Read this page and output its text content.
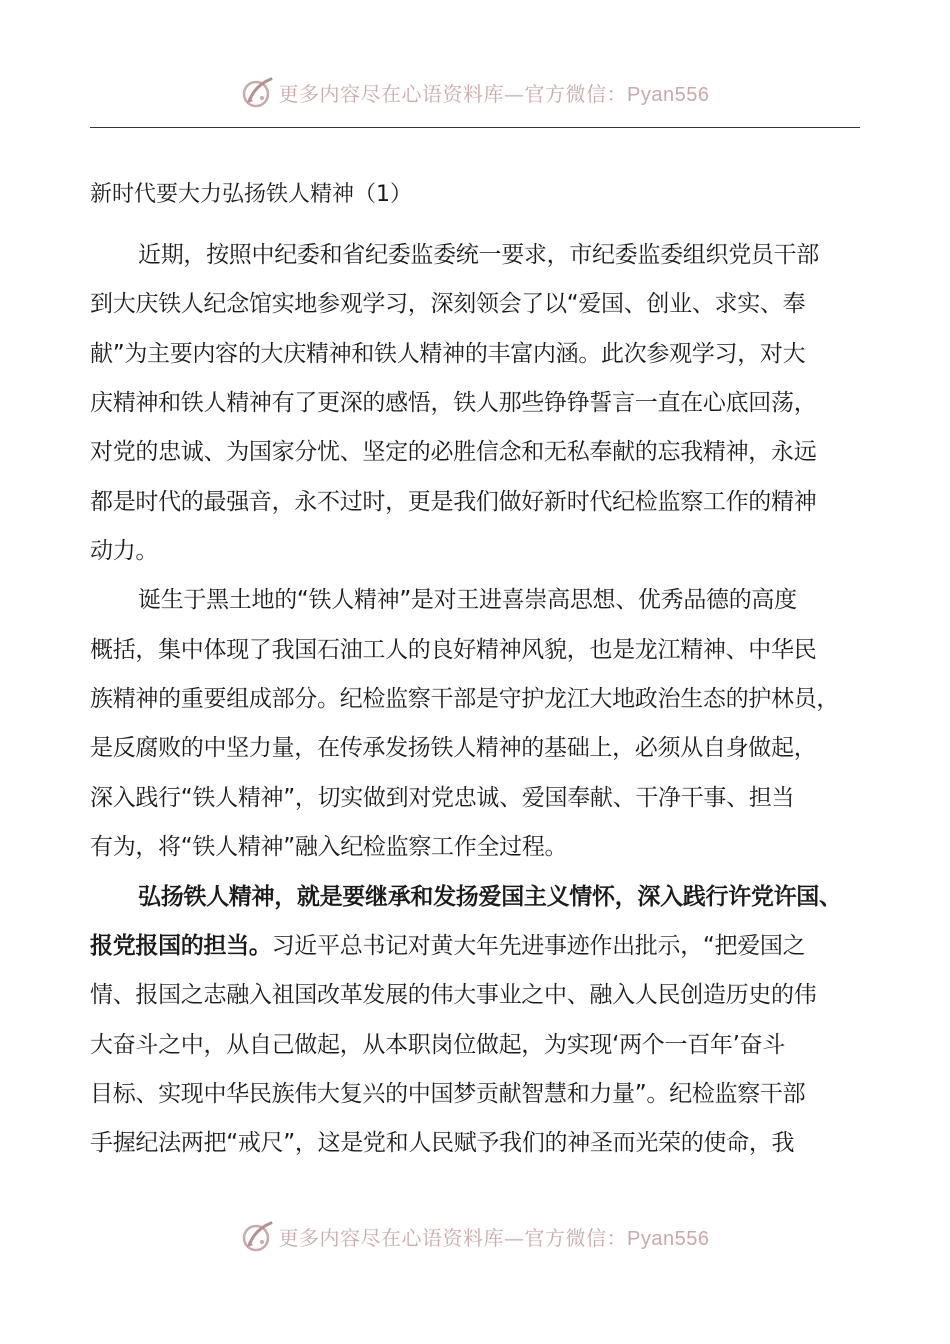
更多内容尽在心语资料库—官方微信：Pyan556
新时代要大力弘扬铁人精神（1）
近期，按照中纪委和省纪委监委统一要求，市纪委监委组织党员干部
到大庆铁人纪念馆实地参观学习，深刻领会了以“爱国、创业、求实、奉
献”为主要内容的大庆精神和铁人精神的丰富内涵。此次参观学习，对大
庆精神和铁人精神有了更深的感悟，铁人那些铮铮誓言一直在心底回荡，
对党的忠诚、为国家分忧、坚定的必胜信念和无私奉献的忘我精神，永远
都是时代的最强音，永不过时，更是我们做好新时代纪检监察工作的精神
动力。
诞生于黑土地的“铁人精神”是对王进喜崇高思想、优秀品德的高度
概括，集中体现了我国石油工人的良好精神风貌，也是龙江精神、中华民
族精神的重要组成部分。纪检监察干部是守护龙江大地政治生态的护林员，
是反腐败的中坚力量，在传承发扬铁人精神的基础上，必须从自身做起，
深入践行“铁人精神”，切实做到对党忠诚、爱国奉献、干净干事、担当
有为，将“铁人精神”融入纪检监察工作全过程。
弘扬铁人精神，就是要继承和发扬爱国主义情怀，深入践行许党许国、
报党报国的担当。习近平总书记对黄大年先进事迹作出批示，“把爱国之
情、报国之志融入祖国改革发展的伟大事业之中、融入人民创造历史的伟
大奋斗之中，从自己做起，从本职岗位做起，为实现‘两个一百年’奋斗
目标、实现中华民族伟大复兴的中国梦贡献智慧和力量”。纪检监察干部
手握纪法两把“戒尺”，这是党和人民赋予我们的神圣而光荣的使命，我
更多内容尽在心语资料库—官方微信：Pyan556
